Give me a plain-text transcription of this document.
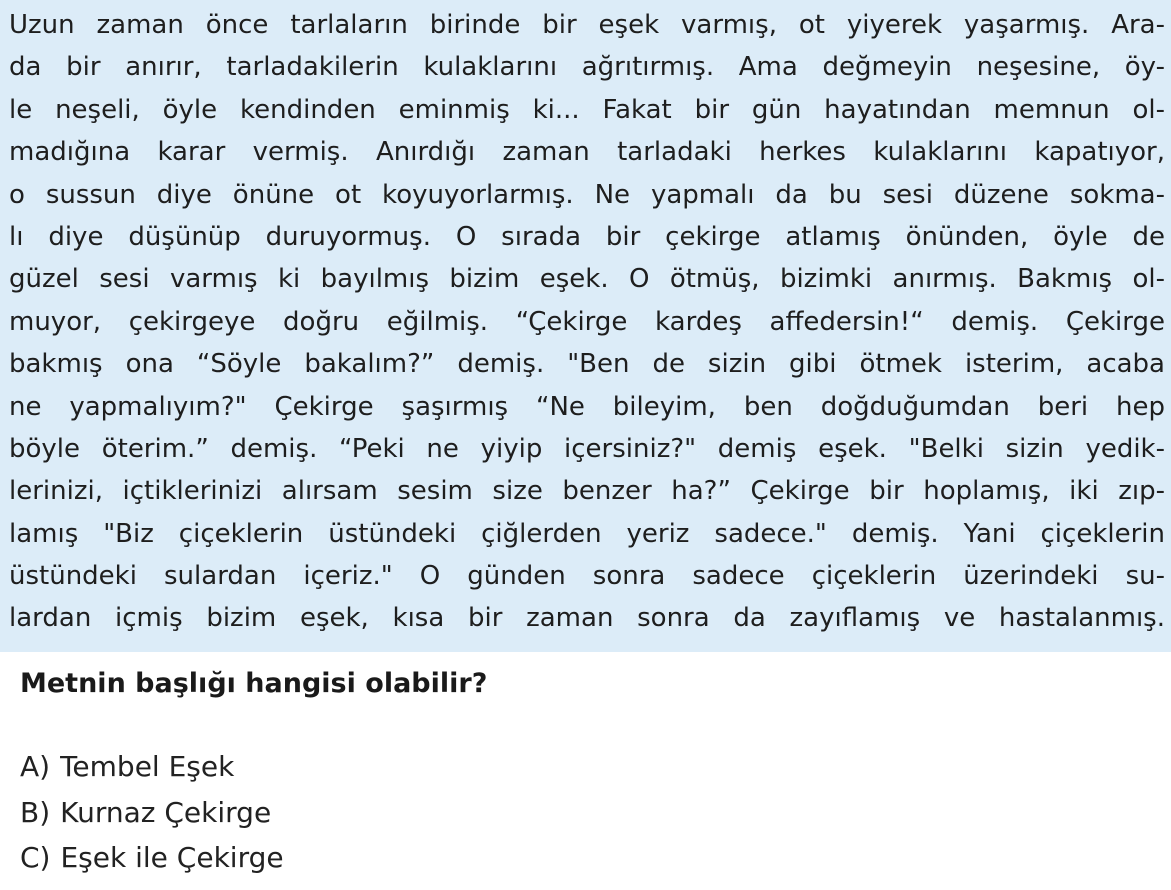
Uzun zaman önce tarlaların birinde bir eşek varmış, ot yiyerek yaşarmış. Ara-
da bir anırır, tarladakilerin kulaklarını ağrıtırmış. Ama değmeyin neşesine, öy-
le neşeli, öyle kendinden eminmiş ki... Fakat bir gün hayatından memnun ol-
madığına karar vermiş. Anırdığı zaman tarladaki herkes kulaklarını kapatıyor,
o sussun diye önüne ot koyuyorlarmış. Ne yapmalı da bu sesi düzene sokma-
lı diye düşünüp duruyormuş. O sırada bir çekirge atlamış önünden, öyle de
güzel sesi varmış ki bayılmış bizim eşek. O ötmüş, bizimki anırmış. Bakmış ol-
muyor, çekirgeye doğru eğilmiş. “Çekirge kardeş affedersin!“ demiş. Çekirge
bakmış ona “Söyle bakalım?” demiş. "Ben de sizin gibi ötmek isterim, acaba
ne yapmalıyım?" Çekirge şaşırmış “Ne bileyim, ben doğduğumdan beri hep
böyle öterim.” demiş. “Peki ne yiyip içersiniz?" demiş eşek. "Belki sizin yedik-
lerinizi, içtiklerinizi alırsam sesim size benzer ha?” Çekirge bir hoplamış, iki zıp-
lamış "Biz çiçeklerin üstündeki çiğlerden yeriz sadece." demiş. Yani çiçeklerin
üstündeki sulardan içeriz." O günden sonra sadece çiçeklerin üzerindeki su-
lardan içmiş bizim eşek, kısa bir zaman sonra da zayıflamış ve hastalanmış.
Metnin başlığı hangisi olabilir?
A) Tembel Eşek
B) Kurnaz Çekirge
C) Eşek ile Çekirge
